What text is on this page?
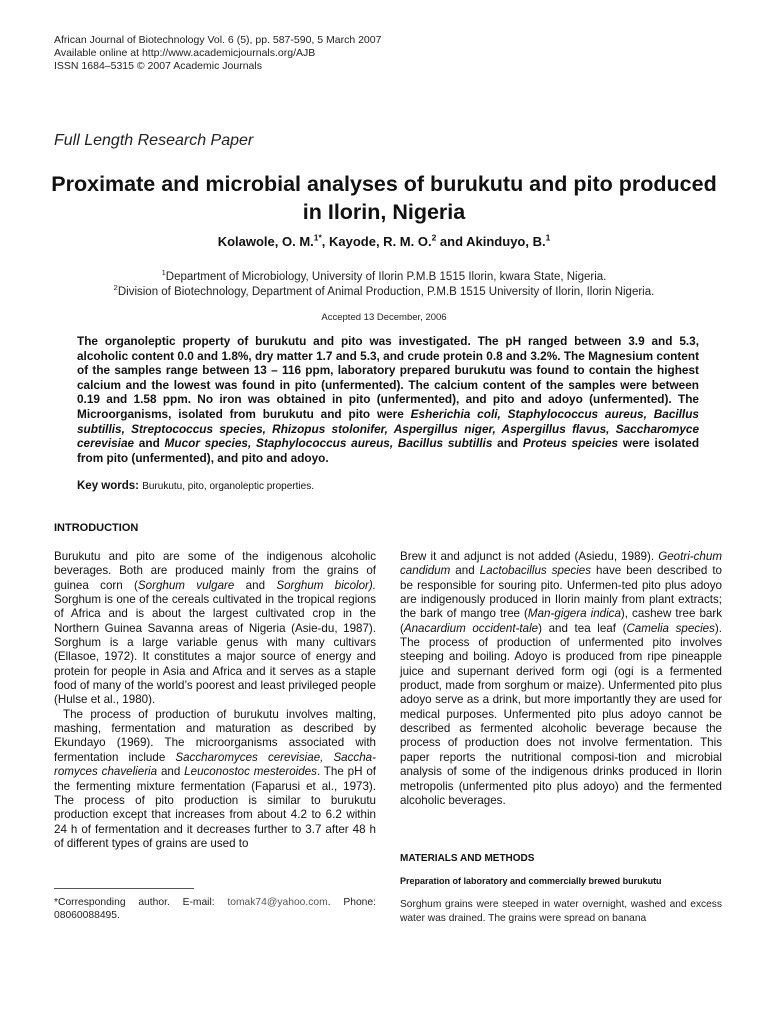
African Journal of Biotechnology Vol. 6 (5), pp. 587-590, 5 March 2007
Available online at http://www.academicjournals.org/AJB
ISSN 1684–5315 © 2007 Academic Journals
Full Length Research Paper
Proximate and microbial analyses of burukutu and pito produced in Ilorin, Nigeria
Kolawole, O. M.$^{1*}$, Kayode, R. M. O.$^2$ and Akinduyo, B.$^1$
$^1$Department of Microbiology, University of Ilorin P.M.B 1515 Ilorin, kwara State, Nigeria.
$^2$Division of Biotechnology, Department of Animal Production, P.M.B 1515 University of Ilorin, Ilorin Nigeria.
Accepted 13 December, 2006
The organoleptic property of burukutu and pito was investigated. The pH ranged between 3.9 and 5.3, alcoholic content 0.0 and 1.8%, dry matter 1.7 and 5.3, and crude protein 0.8 and 3.2%. The Magnesium content of the samples range between 13 – 116 ppm, laboratory prepared burukutu was found to contain the highest calcium and the lowest was found in pito (unfermented). The calcium content of the samples were between 0.19 and 1.58 ppm. No iron was obtained in pito (unfermented), and pito and adoyo (unfermented). The Microorganisms, isolated from burukutu and pito were Esherichia coli, Staphylococcus aureus, Bacillus subtillis, Streptococcus species, Rhizopus stolonifer, Aspergillus niger, Aspergillus flavus, Saccharomyce cerevisiae and Mucor species, Staphylococcus aureus, Bacillus subtillis and Proteus speicies were isolated from pito (unfermented), and pito and adoyo.
Key words: Burukutu, pito, organoleptic properties.
INTRODUCTION

Burukutu and pito are some of the indigenous alcoholic beverages. Both are produced mainly from the grains of guinea corn (Sorghum vulgare and Sorghum bicolor). Sorghum is one of the cereals cultivated in the tropical regions of Africa and is about the largest cultivated crop in the Northern Guinea Savanna areas of Nigeria (Asie-du, 1987). Sorghum is a large variable genus with many cultivars (Ellasoe, 1972). It constitutes a major source of energy and protein for people in Asia and Africa and it serves as a staple food of many of the world’s poorest and least privileged people (Hulse et al., 1980).

The process of production of burukutu involves malting, mashing, fermentation and maturation as described by Ekundayo (1969). The microorganisms associated with fermentation include Saccharomyces cerevisiae, Saccha-romyces chavelieria and Leuconostoc mesteroides. The pH of the fermenting mixture fermentation (Faparusi et al., 1973). The process of pito production is similar to burukutu production except that increases from about 4.2 to 6.2 within 24 h of fermentation and it decreases further to 3.7 after 48 h of different types of grains are used to

*Corresponding author. E-mail: tomak74@yahoo.com. Phone: 08060088495.

Brew it and adjunct is not added (Asiedu, 1989). Geotri-chum candidum and Lactobacillus species have been described to be responsible for souring pito. Unfermen-ted pito plus adoyo are indigenously produced in Ilorin mainly from plant extracts; the bark of mango tree (Man-gigera indica), cashew tree bark (Anacardium occident-tale) and tea leaf (Camelia species). The process of production of unfermented pito involves steeping and boiling. Adoyo is produced from ripe pineapple juice and supernant derived form ogi (ogi is a fermented product, made from sorghum or maize). Unfermented pito plus adoyo serve as a drink, but more importantly they are used for medical purposes. Unfermented pito plus adoyo cannot be described as fermented alcoholic beverage because the process of production does not involve fermentation. This paper reports the nutritional composi-tion and microbial analysis of some of the indigenous drinks produced in Ilorin metropolis (unfermented pito plus adoyo) and the fermented alcoholic beverages.

MATERIALS AND METHODS
Preparation of laboratory and commercially brewed burukutu
Sorghum grains were steeped in water overnight, washed and excess water was drained. The grains were spread on banana
